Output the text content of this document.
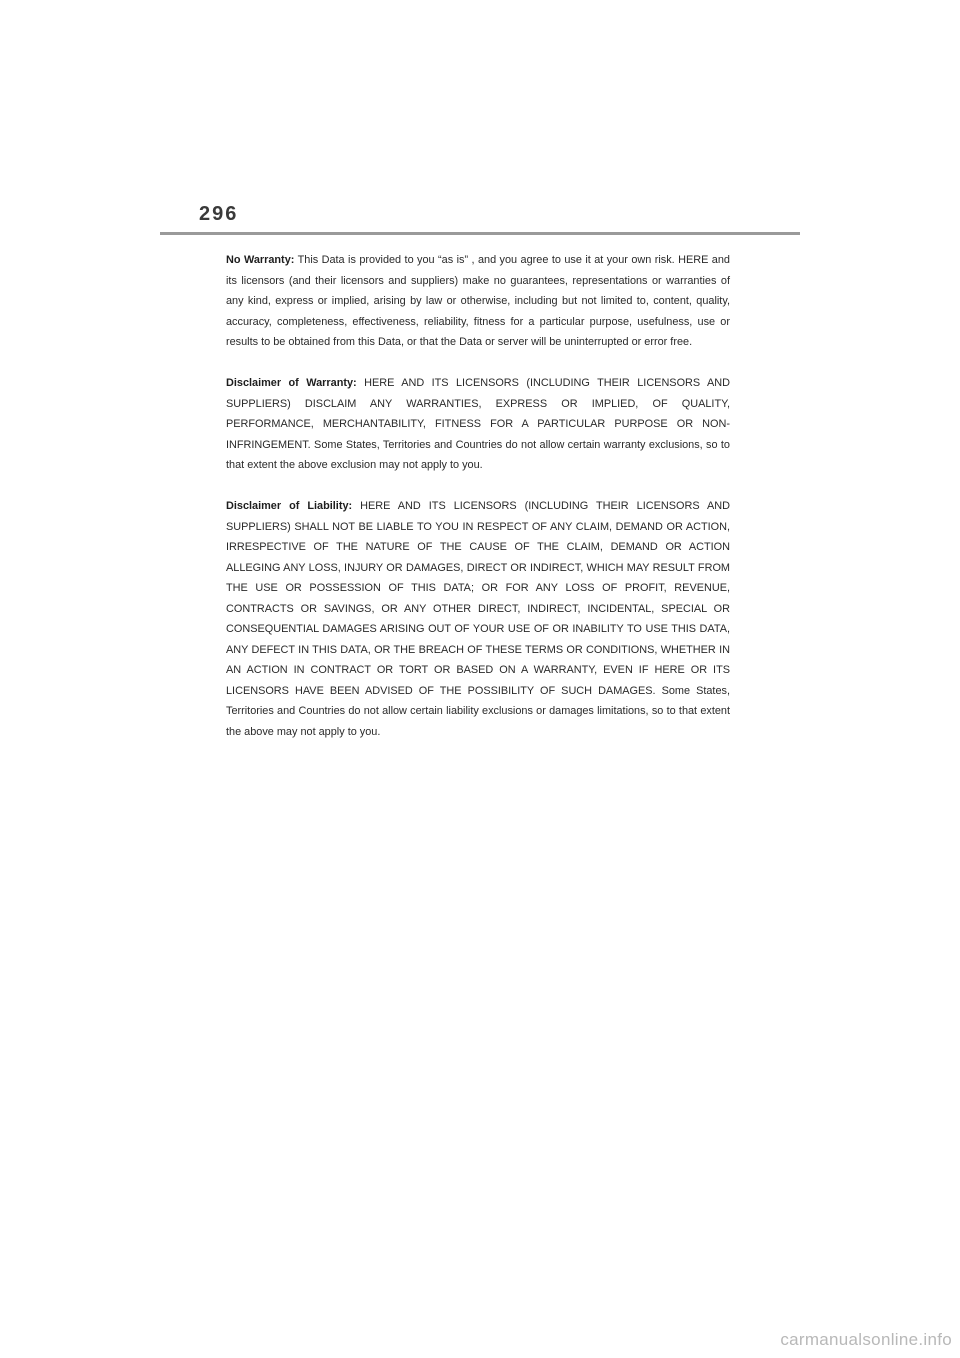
296

No Warranty: This Data is provided to you “as is” , and you agree to use it at your own risk. HERE and its licensors (and their licensors and suppliers) make no guarantees, representations or warranties of any kind, express or implied, arising by law or otherwise, including but not limited to, content, quality, accuracy, completeness, effectiveness, reliability, fitness for a particular purpose, usefulness, use or results to be obtained from this Data, or that the Data or server will be uninterrupted or error free.

Disclaimer of Warranty: HERE AND ITS LICENSORS (INCLUDING THEIR LICENSORS AND SUPPLIERS) DISCLAIM ANY WARRANTIES, EXPRESS OR IMPLIED, OF QUALITY, PERFORMANCE, MERCHANTABILITY, FITNESS FOR A PARTICULAR PURPOSE OR NON-INFRINGEMENT. Some States, Territories and Countries do not allow certain warranty exclusions, so to that extent the above exclusion may not apply to you.

Disclaimer of Liability: HERE AND ITS LICENSORS (INCLUDING THEIR LICENSORS AND SUPPLIERS) SHALL NOT BE LIABLE TO YOU IN RESPECT OF ANY CLAIM, DEMAND OR ACTION, IRRESPECTIVE OF THE NATURE OF THE CAUSE OF THE CLAIM, DEMAND OR ACTION ALLEGING ANY LOSS, INJURY OR DAMAGES, DIRECT OR INDIRECT, WHICH MAY RESULT FROM THE USE OR POSSESSION OF THIS DATA; OR FOR ANY LOSS OF PROFIT, REVENUE, CONTRACTS OR SAVINGS, OR ANY OTHER DIRECT, INDIRECT, INCIDENTAL, SPECIAL OR CONSEQUENTIAL DAMAGES ARISING OUT OF YOUR USE OF OR INABILITY TO USE THIS DATA, ANY DEFECT IN THIS DATA, OR THE BREACH OF THESE TERMS OR CONDITIONS, WHETHER IN AN ACTION IN CONTRACT OR TORT OR BASED ON A WARRANTY, EVEN IF HERE OR ITS LICENSORS HAVE BEEN ADVISED OF THE POSSIBILITY OF SUCH DAMAGES. Some States, Territories and Countries do not allow certain liability exclusions or damages limitations, so to that extent the above may not apply to you.

carmanualsonline.info
